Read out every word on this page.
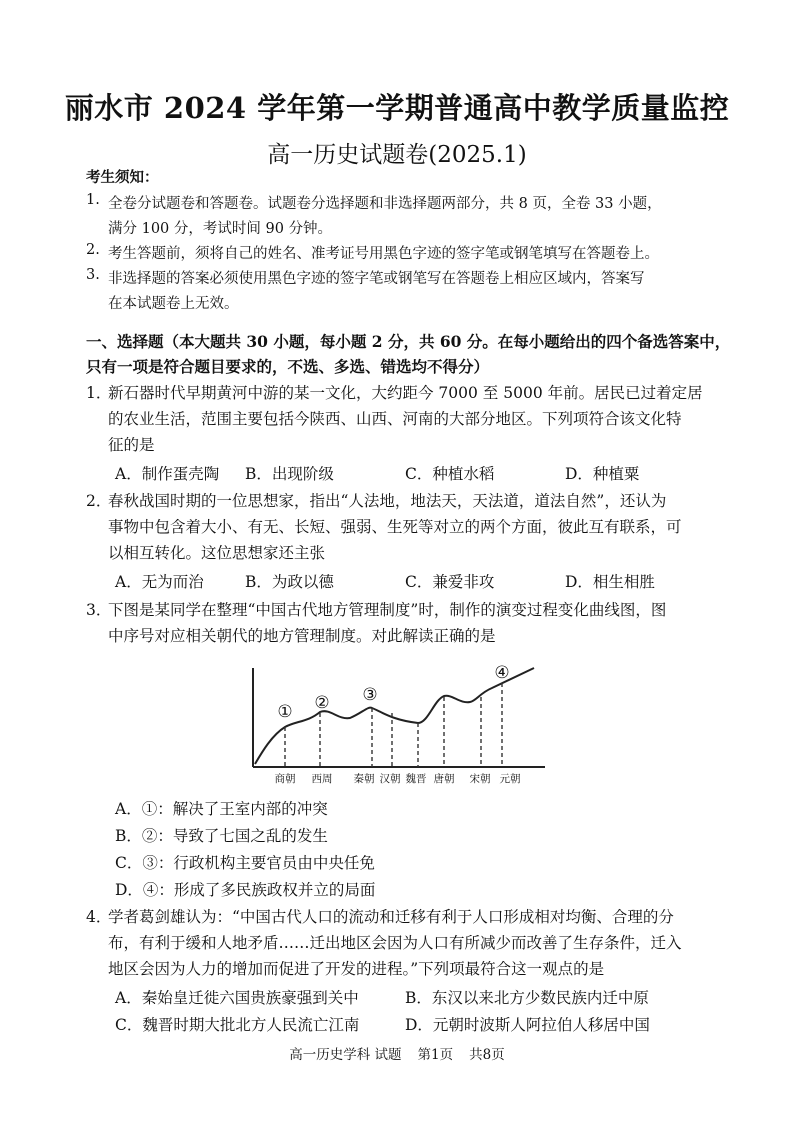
丽水市 2024 学年第一学期普通高中教学质量监控
高一历史试题卷(2025.1)
考生须知：
1. 全卷分试题卷和答题卷。试题卷分选择题和非选择题两部分，共 8 页，全卷 33 小题，
满分 100 分，考试时间 90 分钟。
2. 考生答题前，须将自己的姓名、准考证号用黑色字迹的签字笔或钢笔填写在答题卷上。
3. 非选择题的答案必须使用黑色字迹的签字笔或钢笔写在答题卷上相应区域内，答案写
在本试题卷上无效。
一、选择题（本大题共 30 小题，每小题 2 分，共 60 分。在每小题给出的四个备选答案中，
只有一项是符合题目要求的，不选、多选、错选均不得分）
1．
新石器时代早期黄河中游的某一文化，大约距今 7000 至 5000 年前。居民已过着定居
的农业生活，范围主要包括今陕西、山西、河南的大部分地区。下列项符合该文化特
征的是
A．制作蛋壳陶 B．出现阶级	C．种植水稻	D．种植粟
2．
春秋战国时期的一位思想家，指出“人法地，地法天，天法道，道法自然”，还认为
事物中包含着大小、有无、长短、强弱、生死等对立的两个方面，彼此互有联系，可
以相互转化。这位思想家还主张
A．无为而治	B．为政以德	C．兼爱非攻	D．相生相胜
3．
下图是某同学在整理“中国古代地方管理制度”时，制作的演变过程变化曲线图，图
中序号对应相关朝代的地方管理制度。对此解读正确的是
① ② ③
④
商朝 西周 秦朝 汉朝 魏晋 唐朝 宋朝 元朝
A．①：解决了王室内部的冲突
B．②：导致了七国之乱的发生
C．③：行政机构主要官员由中央任免
D．④：形成了多民族政权并立的局面
4．
学者葛剑雄认为：“中国古代人口的流动和迁移有利于人口形成相对均衡、合理的分
布，有利于缓和人地矛盾……迁出地区会因为人口有所减少而改善了生存条件，迁入
地区会因为人力的增加而促进了开发的进程。”下列项最符合这一观点的是
A．秦始皇迁徙六国贵族豪强到关中	B．东汉以来北方少数民族内迁中原
C．魏晋时期大批北方人民流亡江南	D．元朝时波斯人阿拉伯人移居中国
高一历史学科 试题 第1页 共8页
